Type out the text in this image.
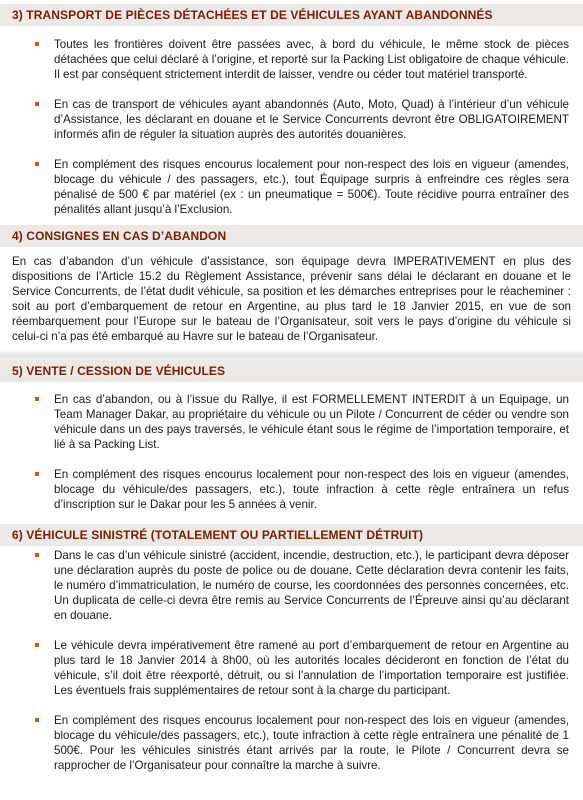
3) TRANSPORT DE PIÈCES DÉTACHÉES ET DE VÉHICULES AYANT ABANDONNÉS
Toutes les frontières doivent être passées avec, à bord du véhicule, le même stock de pièces détachées que celui déclaré à l’origine, et reporté sur la Packing List obligatoire de chaque véhicule. Il est par conséquent strictement interdit de laisser, vendre ou céder tout matériel transporté.
En cas de transport de véhicules ayant abandonnés (Auto, Moto, Quad) à l’intérieur d’un véhicule d’Assistance, les déclarant en douane et le Service Concurrents devront être OBLIGATOIREMENT informés afin de réguler la situation auprès des autorités douanières.
En complément des risques encourus localement pour non-respect des lois en vigueur (amendes, blocage du véhicule / des passagers, etc.), tout Équipage surpris à enfreindre ces règles sera pénalisé de 500 € par matériel (ex : un pneumatique = 500€). Toute récidive pourra entraîner des pénalités allant jusqu’à l’Exclusion.
4) CONSIGNES EN CAS D’ABANDON

En cas d’abandon d’un véhicule d’assistance, son équipage devra IMPERATIVEMENT en plus des dispositions de l’Article 15.2 du Règlement Assistance, prévenir sans délai le déclarant en douane et le Service Concurrents, de l’état dudit véhicule, sa position et les démarches entreprises pour le réacheminer : soit au port d’embarquement de retour en Argentine, au plus tard le 18 Janvier 2015, en vue de son réembarquement pour l’Europe sur le bateau de l’Organisateur, soit vers le pays d’origine du véhicule si celui-ci n’a pas été embarqué au Havre sur le bateau de l’Organisateur.

5) VENTE / CESSION DE VÉHICULES
En cas d’abandon, ou à l’issue du Rallye, il est FORMELLEMENT INTERDIT à un Equipage, un Team Manager Dakar, au propriétaire du véhicule ou un Pilote / Concurrent de céder ou vendre son véhicule dans un des pays traversés, le véhicule étant sous le régime de l’importation temporaire, et lié à sa Packing List.
En complément des risques encourus localement pour non-respect des lois en vigueur (amendes, blocage du véhicule/des passagers, etc.), toute infraction à cette règle entraînera un refus d’inscription sur le Dakar pour les 5 années à venir.
6) VÉHICULE SINISTRÉ (TOTALEMENT OU PARTIELLEMENT DÉTRUIT)
Dans le cas d’un véhicule sinistré (accident, incendie, destruction, etc.), le participant devra déposer une déclaration auprès du poste de police ou de douane. Cette déclaration devra contenir les faits, le numéro d’immatriculation, le numéro de course, les coordonnées des personnes concernées, etc. Un duplicata de celle-ci devra être remis au Service Concurrents de l’Épreuve ainsi qu’au déclarant en douane.
Le véhicule devra impérativement être ramené au port d’embarquement de retour en Argentine au plus tard le 18 Janvier 2014 à 8h00, où les autorités locales décideront en fonction de l’état du véhicule, s’il doit être réexporté, détruit, ou si l’annulation de l’importation temporaire est justifiée. Les éventuels frais supplémentaires de retour sont à la charge du participant.
En complément des risques encourus localement pour non-respect des lois en vigueur (amendes, blocage du véhicule/des passagers, etc.), toute infraction à cette règle entraînera une pénalité de 1 500€. Pour les véhicules sinistrés étant arrivés par la route, le Pilote / Concurrent devra se rapprocher de l’Organisateur pour connaître la marche à suivre.
